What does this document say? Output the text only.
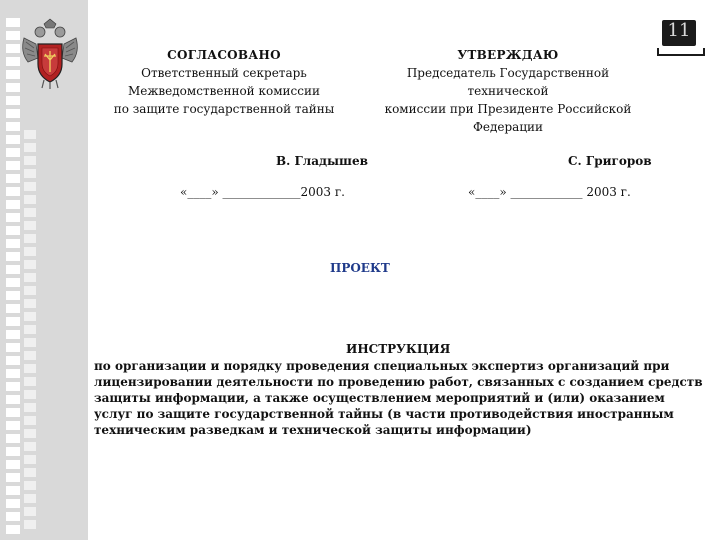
11
СОГЛАСОВАНО
Ответственный секретарь
Межведомственной комиссии
по защите государственной тайны
УТВЕРЖДАЮ
Председатель Государственной технической
комиссии при Президенте Российской
Федерации
В. Гладышев	С. Григоров
«____» _____________2003 г.	«____» ____________ 2003 г.
ПРОЕКТ
ИНСТРУКЦИЯ
по организации и порядку проведения специальных экспертиз организаций при лицензировании деятельности по проведению работ, связанных с созданием средств защиты информации, а также осуществлением мероприятий и (или) оказанием услуг по защите государственной тайны (в части противодействия иностранным техническим разведкам и технической защиты информации)
